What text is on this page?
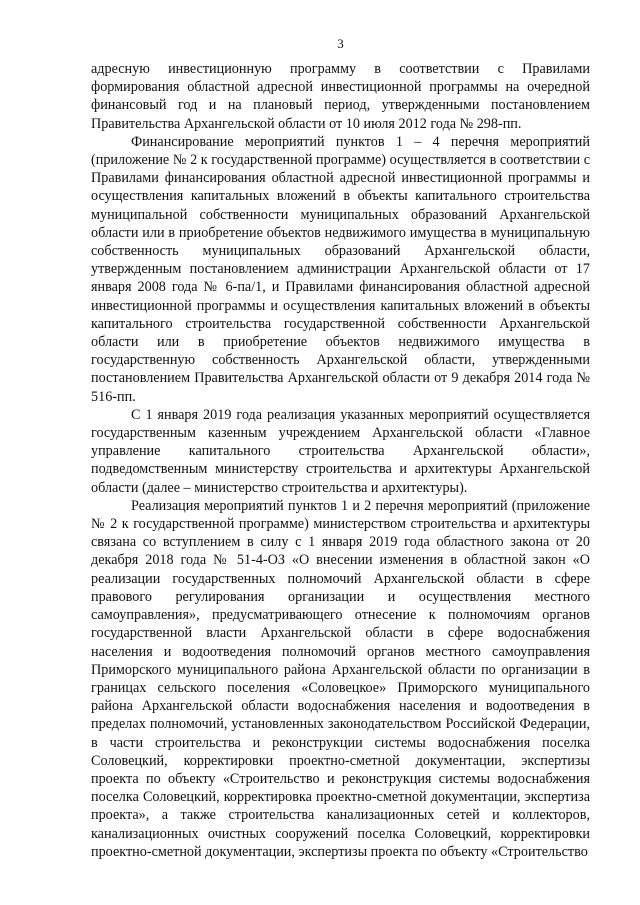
3

адресную инвестиционную программу в соответствии с Правилами формирования областной адресной инвестиционной программы на очередной финансовый год и на плановый период, утвержденными постановлением Правительства Архангельской области от 10 июля 2012 года № 298-пп.

Финансирование мероприятий пунктов 1 – 4 перечня мероприятий (приложение № 2 к государственной программе) осуществляется в соответствии с Правилами финансирования областной адресной инвестиционной программы и осуществления капитальных вложений в объекты капитального строительства муниципальной собственности муниципальных образований Архангельской области или в приобретение объектов недвижимого имущества в муниципальную собственность муниципальных образований Архангельской области, утвержденным постановлением администрации Архангельской области от 17 января 2008 года № 6-па/1, и Правилами финансирования областной адресной инвестиционной программы и осуществления капитальных вложений в объекты капитального строительства государственной собственности Архангельской области или в приобретение объектов недвижимого имущества в государственную собственность Архангельской области, утвержденными постановлением Правительства Архангельской области от 9 декабря 2014 года № 516-пп.

С 1 января 2019 года реализация указанных мероприятий осуществляется государственным казенным учреждением Архангельской области «Главное управление капитального строительства Архангельской области», подведомственным министерству строительства и архитектуры Архангельской области (далее – министерство строительства и архитектуры).

Реализация мероприятий пунктов 1 и 2 перечня мероприятий (приложение № 2 к государственной программе) министерством строительства и архитектуры связана со вступлением в силу с 1 января 2019 года областного закона от 20 декабря 2018 года № 51-4-ОЗ «О внесении изменения в областной закон «О реализации государственных полномочий Архангельской области в сфере правового регулирования организации и осуществления местного самоуправления», предусматривающего отнесение к полномочиям органов государственной власти Архангельской области в сфере водоснабжения населения и водоотведения полномочий органов местного самоуправления Приморского муниципального района Архангельской области по организации в границах сельского поселения «Соловецкое» Приморского муниципального района Архангельской области водоснабжения населения и водоотведения в пределах полномочий, установленных законодательством Российской Федерации, в части строительства и реконструкции системы водоснабжения поселка Соловецкий, корректировки проектно-сметной документации, экспертизы проекта по объекту «Строительство и реконструкция системы водоснабжения поселка Соловецкий, корректировка проектно-сметной документации, экспертиза проекта», а также строительства канализационных сетей и коллекторов, канализационных очистных сооружений поселка Соловецкий, корректировки проектно-сметной документации, экспертизы проекта по объекту «Строительство
